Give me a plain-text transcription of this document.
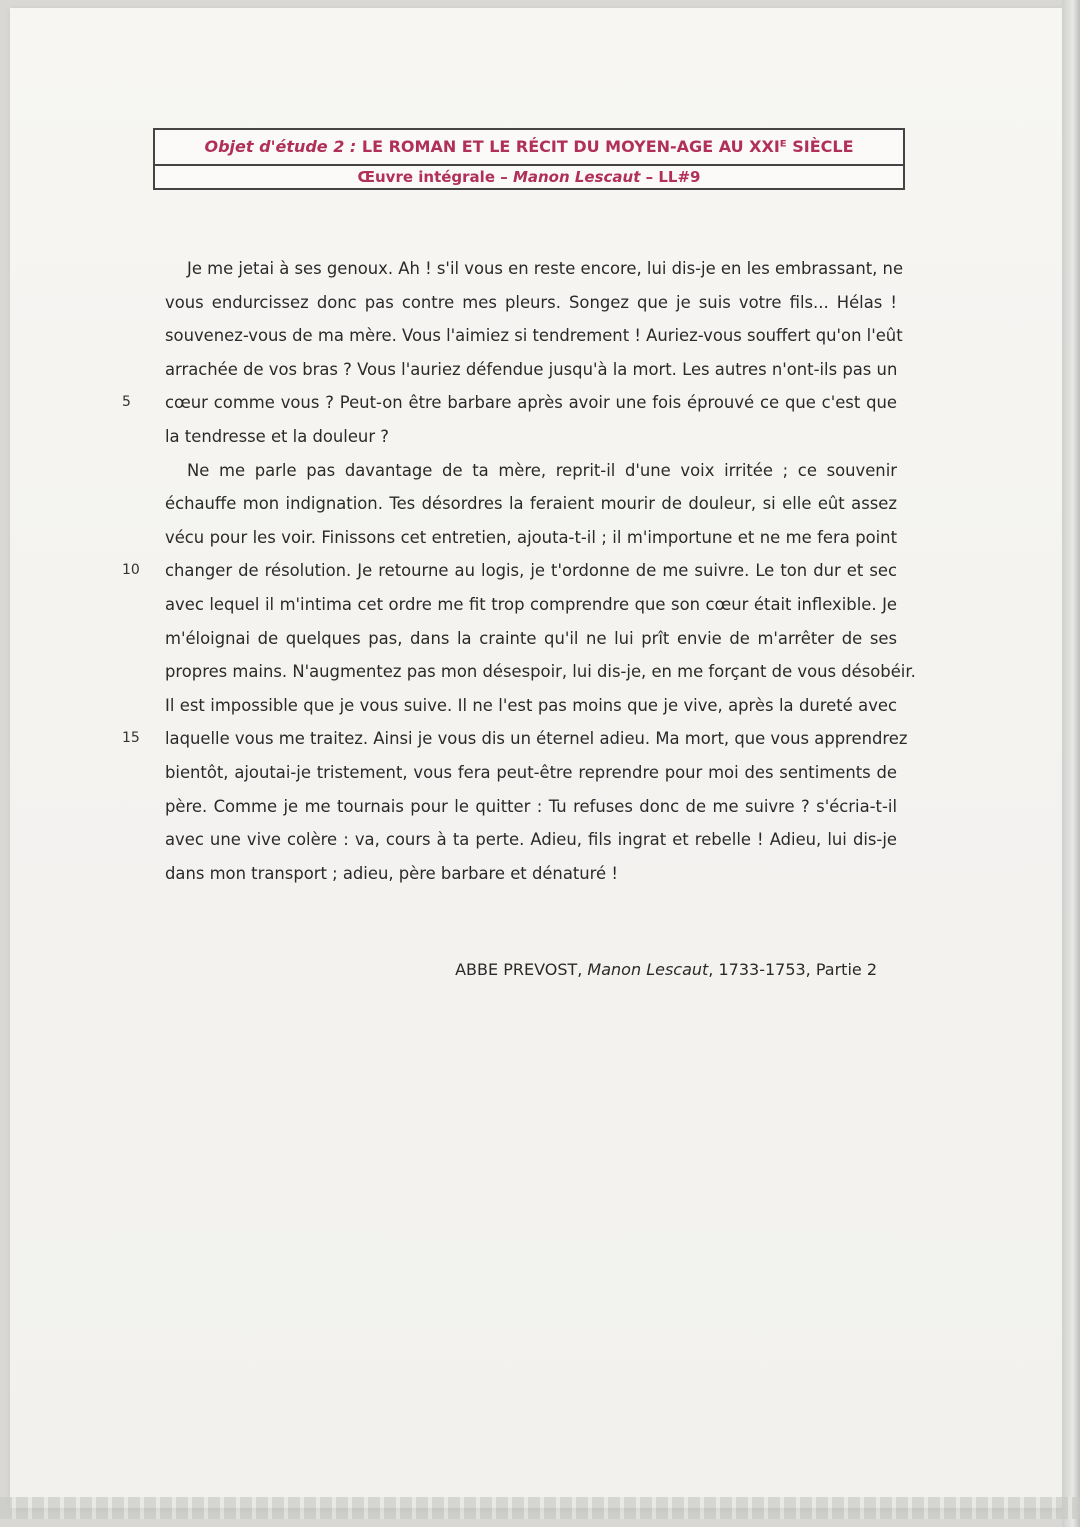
Objet d'étude 2 : LE ROMAN ET LE RÉCIT DU MOYEN-AGE AU XXIᴱ SIÈCLE
Œuvre intégrale – Manon Lescaut – LL#9
Je me jetai à ses genoux. Ah ! s'il vous en reste encore, lui dis-je en les embrassant, ne
vous endurcissez donc pas contre mes pleurs. Songez que je suis votre fils... Hélas !
souvenez-vous de ma mère. Vous l'aimiez si tendrement ! Auriez-vous souffert qu'on l'eût
arrachée de vos bras ? Vous l'auriez défendue jusqu'à la mort. Les autres n'ont-ils pas un
cœur comme vous ? Peut-on être barbare après avoir une fois éprouvé ce que c'est que
la tendresse et la douleur ?
Ne me parle pas davantage de ta mère, reprit-il d'une voix irritée ; ce souvenir
échauffe mon indignation. Tes désordres la feraient mourir de douleur, si elle eût assez
vécu pour les voir. Finissons cet entretien, ajouta-t-il ; il m'importune et ne me fera point
changer de résolution. Je retourne au logis, je t'ordonne de me suivre. Le ton dur et sec
avec lequel il m'intima cet ordre me fit trop comprendre que son cœur était inflexible. Je
m'éloignai de quelques pas, dans la crainte qu'il ne lui prît envie de m'arrêter de ses
propres mains. N'augmentez pas mon désespoir, lui dis-je, en me forçant de vous désobéir.
Il est impossible que je vous suive. Il ne l'est pas moins que je vive, après la dureté avec
laquelle vous me traitez. Ainsi je vous dis un éternel adieu. Ma mort, que vous apprendrez
bientôt, ajoutai-je tristement, vous fera peut-être reprendre pour moi des sentiments de
père. Comme je me tournais pour le quitter : Tu refuses donc de me suivre ? s'écria-t-il
avec une vive colère : va, cours à ta perte. Adieu, fils ingrat et rebelle ! Adieu, lui dis-je
dans mon transport ; adieu, père barbare et dénaturé !
5
10
15
ABBE PREVOST, Manon Lescaut, 1733-1753, Partie 2
